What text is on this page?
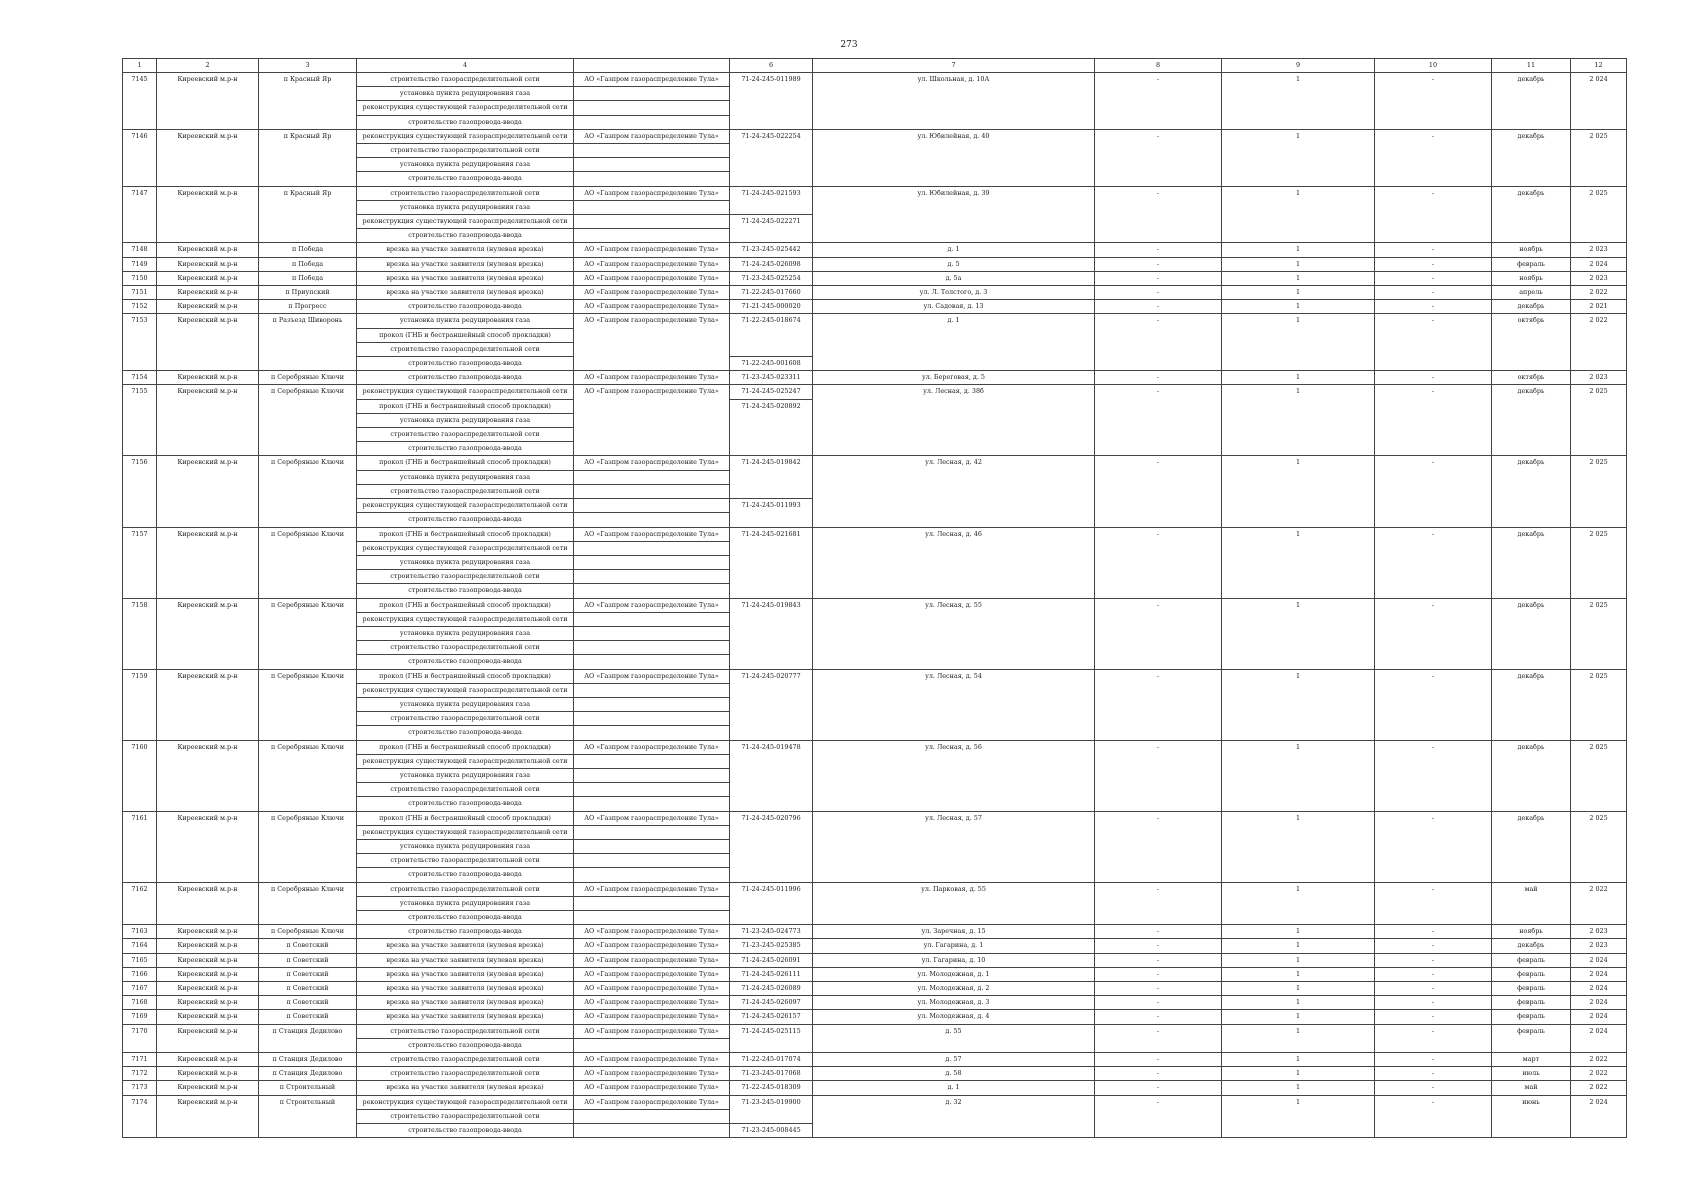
273
1	2	3	4		6	7	8	9	10	11	12
7145	Киреевский м.р-н	п Красный Яр	строительство газораспределительной сети	АО «Газпром газораспределение Тула»	71-24-245-011989	ул. Школьная, д. 10А	-	1	-	декабрь	2 024
			установка пункта редуцирования газа								
			реконструкция существующей газораспределительной сети								
			строительство газопровода-ввода								
7146	Киреевский м.р-н	п Красный Яр	реконструкция существующей газораспределительной сети	АО «Газпром газораспределение Тула»	71-24-245-022254	ул. Юбилейная, д. 40	-	1	-	декабрь	2 025
			строительство газораспределительной сети								
			установка пункта редуцирования газа								
			строительство газопровода-ввода								
7147	Киреевский м.р-н	п Красный Яр	строительство газораспределительной сети	АО «Газпром газораспределение Тула»	71-24-245-021593	ул. Юбилейная, д. 39	-	1	-	декабрь	2 025
			установка пункта редуцирования газа								
			реконструкция существующей газораспределительной сети		71-24-245-022271						
			строительство газопровода-ввода								
7148	Киреевский м.р-н	п Победа	врезка на участке заявителя (нулевая врезка)	АО «Газпром газораспределение Тула»	71-23-245-025442	д. 1	-	1	-	ноябрь	2 023
7149	Киреевский м.р-н	п Победа	врезка на участке заявителя (нулевая врезка)	АО «Газпром газораспределение Тула»	71-24-245-026098	д. 5	-	1	-	февраль	2 024
7150	Киреевский м.р-н	п Победа	врезка на участке заявителя (нулевая врезка)	АО «Газпром газораспределение Тула»	71-23-245-025254	д. 5а	-	1	-	ноябрь	2 023
7151	Киреевский м.р-н	п Приупский	врезка на участке заявителя (нулевая врезка)	АО «Газпром газораспределение Тула»	71-22-245-017660	ул. Л. Толстого, д. 3	-	1	-	апрель	2 022
7152	Киреевский м.р-н	п Прогресс	строительство газопровода-ввода	АО «Газпром газораспределение Тула»	71-21-245-000020	ул. Садовая, д. 13	-	1	-	декабрь	2 021
7153	Киреевский м.р-н	п Разъезд Шиворонь	установка пункта редуцирования газа	АО «Газпром газораспределение Тула»	71-22-245-018674	д. 1	-	1	-	октябрь	2 022
			прокол (ГНБ и бестраншейный способ прокладки)								
			строительство газораспределительной сети								
			строительство газопровода-ввода		71-22-245-001608						
7154	Киреевский м.р-н	п Серебряные Ключи	строительство газопровода-ввода	АО «Газпром газораспределение Тула»	71-23-245-023311	ул. Береговая, д. 5	-	1	-	октябрь	2 023
7155	Киреевский м.р-н	п Серебряные Ключи	реконструкция существующей газораспределительной сети	АО «Газпром газораспределение Тула»	71-24-245-025247	ул. Лесная, д. 38б	-	1	-	декабрь	2 025
			прокол (ГНБ и бестраншейный способ прокладки)		71-24-245-020892						
			установка пункта редуцирования газа								
			строительство газораспределительной сети								
			строительство газопровода-ввода								
7156	Киреевский м.р-н	п Серебряные Ключи	прокол (ГНБ и бестраншейный способ прокладки)	АО «Газпром газораспределение Тула»	71-24-245-019842	ул. Лесная, д. 42	-	1	-	декабрь	2 025
			установка пункта редуцирования газа								
			строительство газораспределительной сети								
			реконструкция существующей газораспределительной сети		71-24-245-011993						
			строительство газопровода-ввода								
7157	Киреевский м.р-н	п Серебряные Ключи	прокол (ГНБ и бестраншейный способ прокладки)	АО «Газпром газораспределение Тула»	71-24-245-021681	ул. Лесная, д. 46	-	1	-	декабрь	2 025
			реконструкция существующей газораспределительной сети								
			установка пункта редуцирования газа								
			строительство газораспределительной сети								
			строительство газопровода-ввода								
7158	Киреевский м.р-н	п Серебряные Ключи	прокол (ГНБ и бестраншейный способ прокладки)	АО «Газпром газораспределение Тула»	71-24-245-019843	ул. Лесная, д. 55	-	1	-	декабрь	2 025
			реконструкция существующей газораспределительной сети								
			установка пункта редуцирования газа								
			строительство газораспределительной сети								
			строительство газопровода-ввода								
7159	Киреевский м.р-н	п Серебряные Ключи	прокол (ГНБ и бестраншейный способ прокладки)	АО «Газпром газораспределение Тула»	71-24-245-020777	ул. Лесная, д. 54	-	1	-	декабрь	2 025
			реконструкция существующей газораспределительной сети								
			установка пункта редуцирования газа								
			строительство газораспределительной сети								
			строительство газопровода-ввода								
7160	Киреевский м.р-н	п Серебряные Ключи	прокол (ГНБ и бестраншейный способ прокладки)	АО «Газпром газораспределение Тула»	71-24-245-019478	ул. Лесная, д. 56	-	1	-	декабрь	2 025
			реконструкция существующей газораспределительной сети								
			установка пункта редуцирования газа								
			строительство газораспределительной сети								
			строительство газопровода-ввода								
7161	Киреевский м.р-н	п Серебряные Ключи	прокол (ГНБ и бестраншейный способ прокладки)	АО «Газпром газораспределение Тула»	71-24-245-020796	ул. Лесная, д. 57	-	1	-	декабрь	2 025
			реконструкция существующей газораспределительной сети								
			установка пункта редуцирования газа								
			строительство газораспределительной сети								
			строительство газопровода-ввода								
7162	Киреевский м.р-н	п Серебряные Ключи	строительство газораспределительной сети	АО «Газпром газораспределение Тула»	71-24-245-011996	ул. Парковая, д. 55	-	1	-	май	2 022
			установка пункта редуцирования газа								
			строительство газопровода-ввода								
7163	Киреевский м.р-н	п Серебряные Ключи	строительство газопровода-ввода	АО «Газпром газораспределение Тула»	71-23-245-024773	ул. Заречная, д. 15	-	1	-	ноябрь	2 023
7164	Киреевский м.р-н	п Советский	врезка на участке заявителя (нулевая врезка)	АО «Газпром газораспределение Тула»	71-23-245-025385	ул. Гагарина, д. 1	-	1	-	декабрь	2 023
7165	Киреевский м.р-н	п Советский	врезка на участке заявителя (нулевая врезка)	АО «Газпром газораспределение Тула»	71-24-245-026091	ул. Гагарина, д. 10	-	1	-	февраль	2 024
7166	Киреевский м.р-н	п Советский	врезка на участке заявителя (нулевая врезка)	АО «Газпром газораспределение Тула»	71-24-245-026111	ул. Молодежная, д. 1	-	1	-	февраль	2 024
7167	Киреевский м.р-н	п Советский	врезка на участке заявителя (нулевая врезка)	АО «Газпром газораспределение Тула»	71-24-245-026089	ул. Молодежная, д. 2	-	1	-	февраль	2 024
7168	Киреевский м.р-н	п Советский	врезка на участке заявителя (нулевая врезка)	АО «Газпром газораспределение Тула»	71-24-245-026097	ул. Молодежная, д. 3	-	1	-	февраль	2 024
7169	Киреевский м.р-н	п Советский	врезка на участке заявителя (нулевая врезка)	АО «Газпром газораспределение Тула»	71-24-245-026157	ул. Молодежная, д. 4	-	1	-	февраль	2 024
7170	Киреевский м.р-н	п Станция Дедилово	строительство газораспределительной сети	АО «Газпром газораспределение Тула»	71-24-245-025115	д. 55	-	1	-	февраль	2 024
			строительство газопровода-ввода								
7171	Киреевский м.р-н	п Станция Дедилово	строительство газораспределительной сети	АО «Газпром газораспределение Тула»	71-22-245-017074	д. 57	-	1	-	март	2 022
7172	Киреевский м.р-н	п Станция Дедилово	строительство газораспределительной сети	АО «Газпром газораспределение Тула»	71-23-245-017068	д. 58	-	1	-	июль	2 022
7173	Киреевский м.р-н	п Строительный	врезка на участке заявителя (нулевая врезка)	АО «Газпром газораспределение Тула»	71-22-245-018309	д. 1	-	1	-	май	2 022
7174	Киреевский м.р-н	п Строительный	реконструкция существующей газораспределительной сети	АО «Газпром газораспределение Тула»	71-23-245-019900	д. 32	-	1	-	июнь	2 024
			строительство газораспределительной сети								
			строительство газопровода-ввода		71-23-245-008445						
